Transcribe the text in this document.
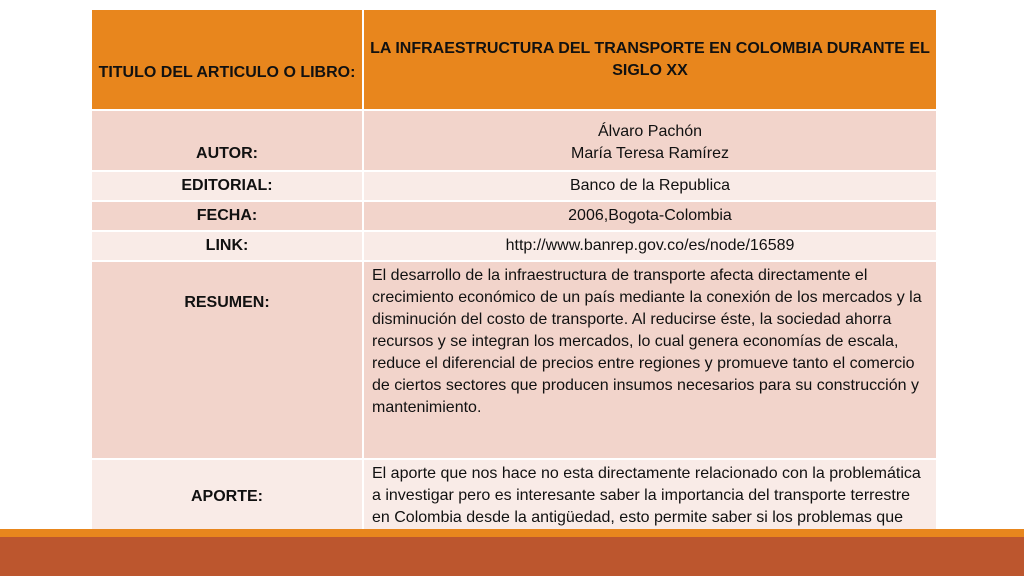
TITULO DEL ARTICULO O LIBRO:	LA INFRAESTRUCTURA DEL TRANSPORTE EN COLOMBIA DURANTE EL SIGLO XX
AUTOR:	Álvaro Pachón
María Teresa Ramírez

EDITORIAL:	Banco de la Republica
FECHA:	2006,Bogota-Colombia
LINK:	http://www.banrep.gov.co/es/node/16589
RESUMEN:	El desarrollo de la infraestructura de transporte afecta directamente el crecimiento económico de un país mediante la conexión de los mercados y la disminución del costo de transporte. Al reducirse éste, la sociedad ahorra recursos y se integran los mercados, lo cual genera economías de escala, reduce el diferencial de precios entre regiones y promueve tanto el comercio de ciertos sectores que producen insumos necesarios para su construcción y mantenimiento.
APORTE:	El aporte que nos hace no esta directamente relacionado con la problemática a investigar pero es interesante saber la importancia del transporte terrestre en Colombia desde la antigüedad, esto permite saber si los problemas que
